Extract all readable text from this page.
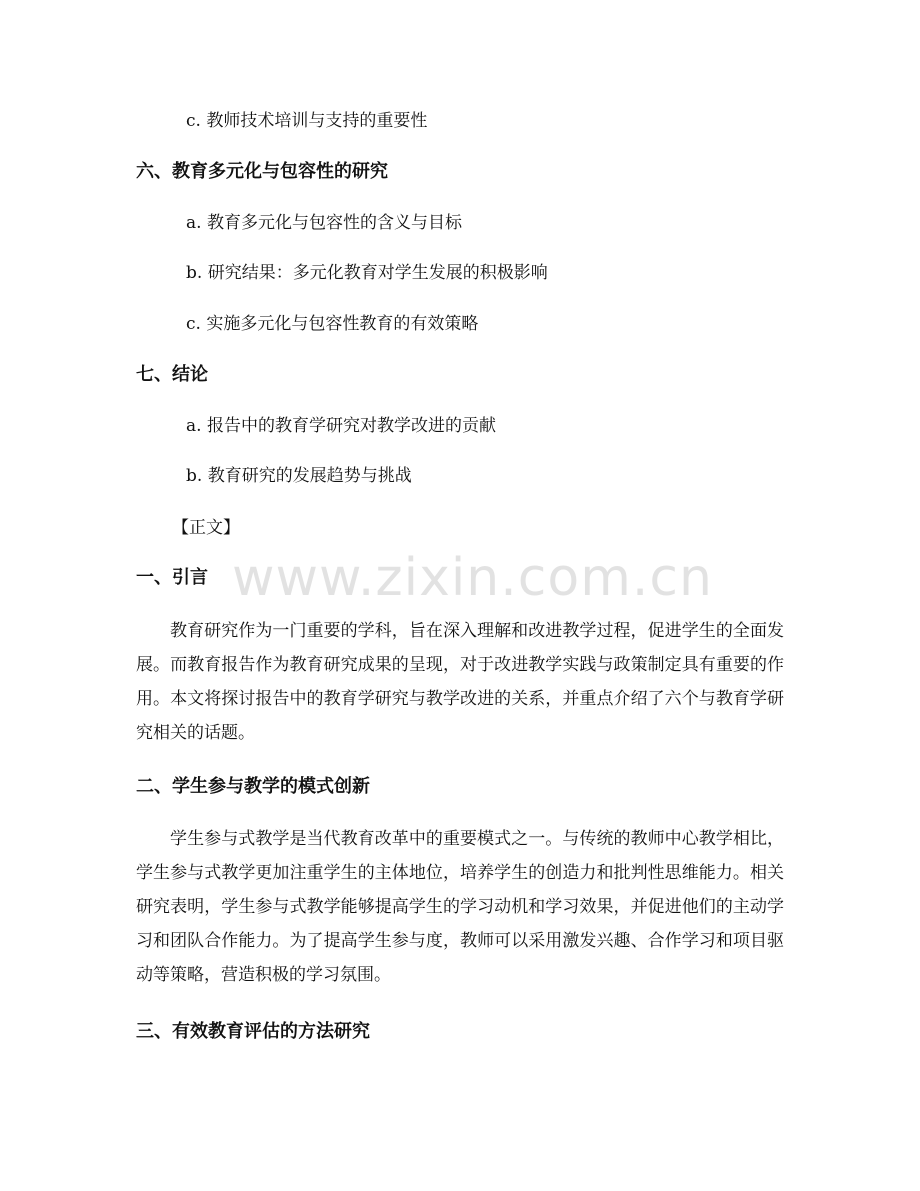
c. 教师技术培训与支持的重要性
六、教育多元化与包容性的研究
a. 教育多元化与包容性的含义与目标
b. 研究结果：多元化教育对学生发展的积极影响
c. 实施多元化与包容性教育的有效策略
七、结论
a. 报告中的教育学研究对教学改进的贡献
b. 教育研究的发展趋势与挑战
【正文】
一、引言

教育研究作为一门重要的学科，旨在深入理解和改进教学过程，促进学生的全面发展。而教育报告作为教育研究成果的呈现，对于改进教学实践与政策制定具有重要的作用。本文将探讨报告中的教育学研究与教学改进的关系，并重点介绍了六个与教育学研究相关的话题。

二、学生参与教学的模式创新

学生参与式教学是当代教育改革中的重要模式之一。与传统的教师中心教学相比，学生参与式教学更加注重学生的主体地位，培养学生的创造力和批判性思维能力。相关研究表明，学生参与式教学能够提高学生的学习动机和学习效果，并促进他们的主动学习和团队合作能力。为了提高学生参与度，教师可以采用激发兴趣、合作学习和项目驱动等策略，营造积极的学习氛围。

三、有效教育评估的方法研究
www.zixin.com.cn
